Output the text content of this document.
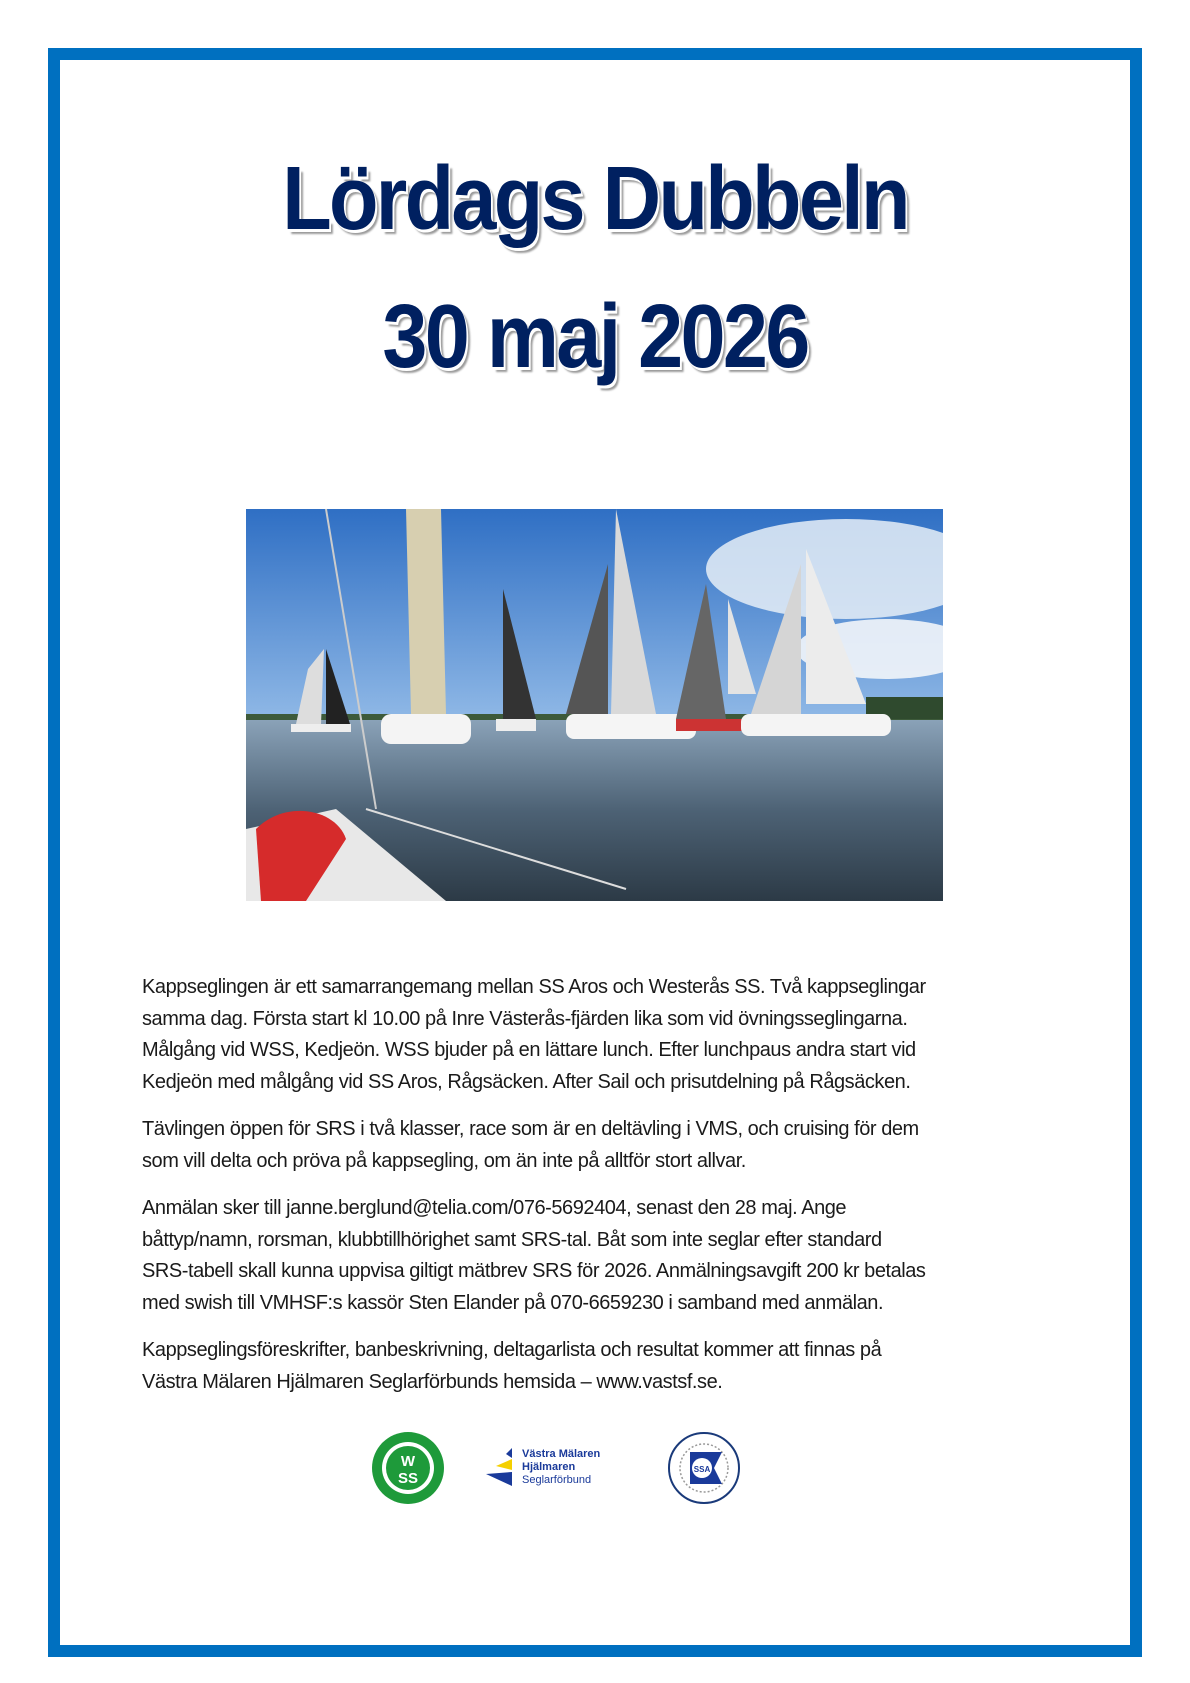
Lördags Dubbeln
30 maj 2026

Kappseglingen är ett samarrangemang mellan SS Aros och Westerås SS. Två kappseglingar
samma dag. Första start kl 10.00 på Inre Västerås-fjärden lika som vid övningsseglingarna.
Målgång vid WSS, Kedjeön. WSS bjuder på en lättare lunch. Efter lunchpaus andra start vid
Kedjeön med målgång vid SS Aros, Rågsäcken. After Sail och prisutdelning på Rågsäcken.

Tävlingen öppen för SRS i två klasser, race som är en deltävling i VMS, och cruising för dem
som vill delta och pröva på kappsegling, om än inte på alltför stort allvar.

Anmälan sker till janne.berglund@telia.com/076-5692404, senast den 28 maj. Ange
båttyp/namn, rorsman, klubbtillhörighet samt SRS-tal. Båt som inte seglar efter standard
SRS-tabell skall kunna uppvisa giltigt mätbrev SRS för 2026. Anmälningsavgift 200 kr betalas
med swish till VMHSF:s kassör Sten Elander på 070-6659230 i samband med anmälan.

Kappseglingsföreskrifter, banbeskrivning, deltagarlista och resultat kommer att finnas på
Västra Mälaren Hjälmaren Seglarförbunds hemsida – www.vastsf.se.

W
SS
Västra Mälaren
Hjälmaren
Seglarförbund
SSA
